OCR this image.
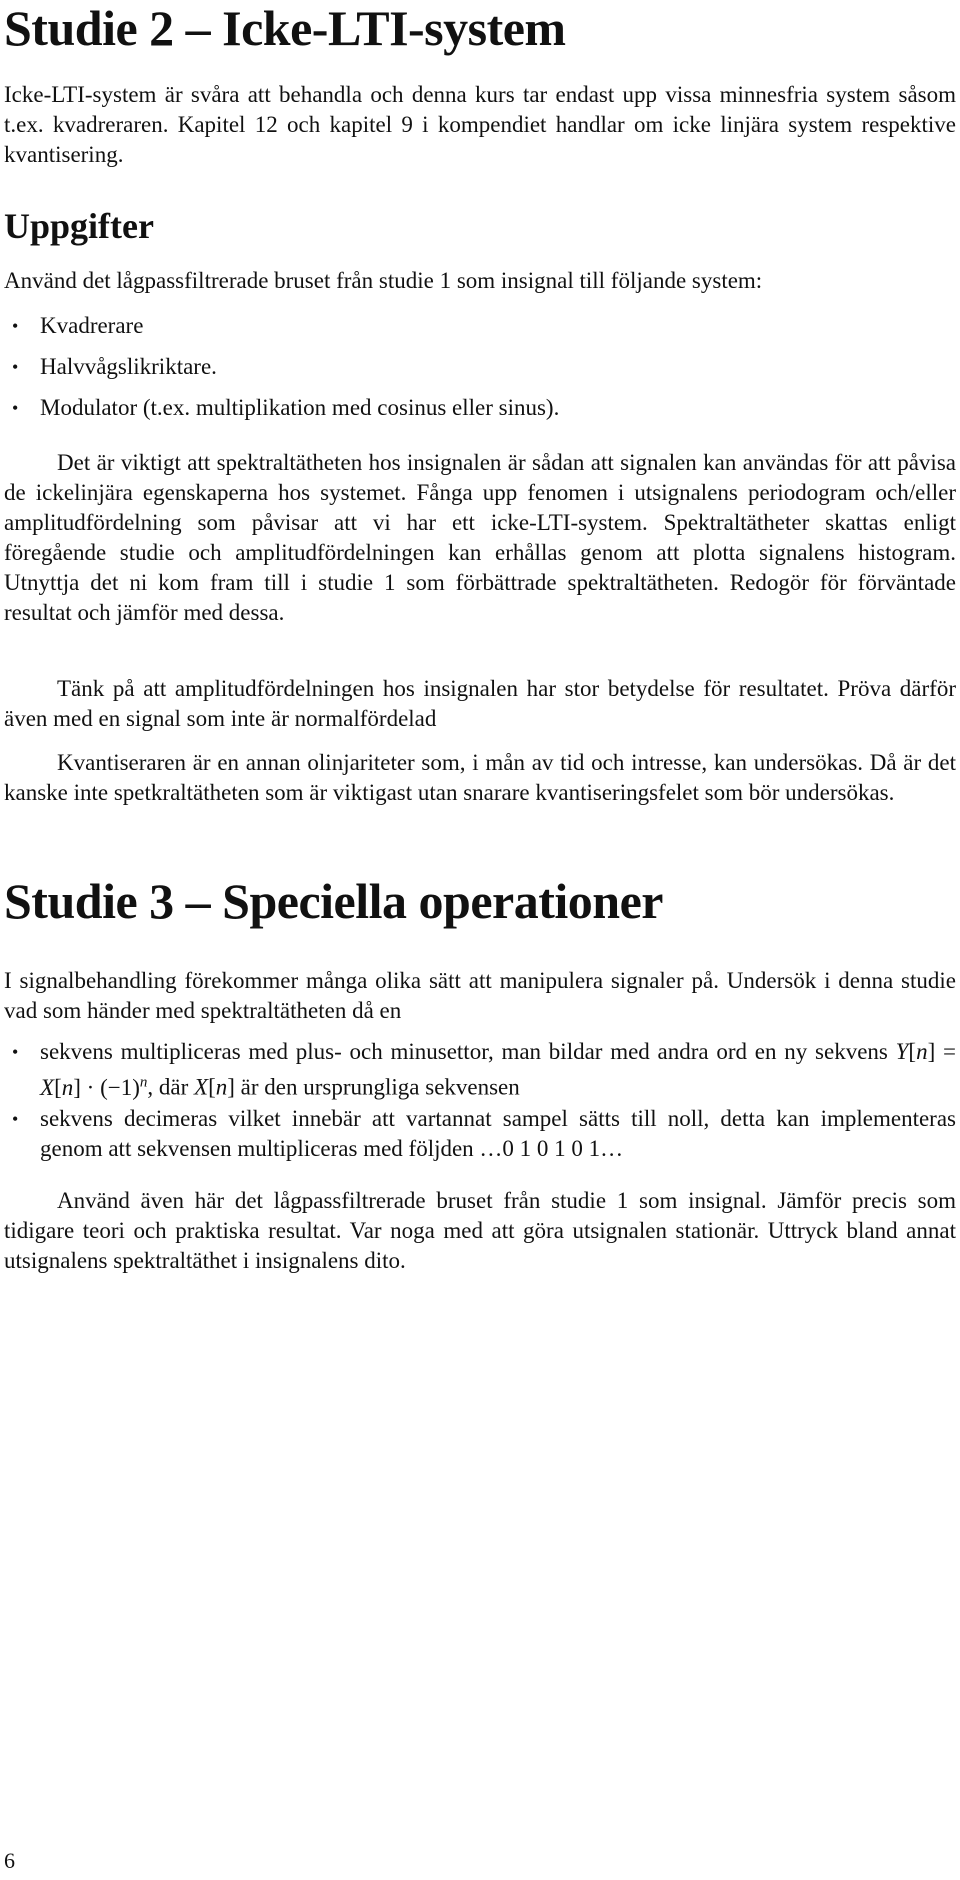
Studie 2 – Icke-LTI-system

Icke-LTI-system är svåra att behandla och denna kurs tar endast upp vissa minnesfria system såsom t.ex. kvadreraren. Kapitel 12 och kapitel 9 i kompendiet handlar om icke linjära system respektive kvantisering.

Uppgifter

Använd det lågpassfiltrerade bruset från studie 1 som insignal till följande system:

• Kvadrerare
• Halvvågslikriktare.
• Modulator (t.ex. multiplikation med cosinus eller sinus).

Det är viktigt att spektraltätheten hos insignalen är sådan att signalen kan användas för att påvisa de ickelinjära egenskaperna hos systemet. Fånga upp fenomen i utsignalens periodogram och/eller amplitudfördelning som påvisar att vi har ett icke-LTI-system. Spektraltätheter skattas enligt föregående studie och amplitudfördelningen kan erhållas genom att plotta signalens histogram. Utnyttja det ni kom fram till i studie 1 som förbättrade spektraltätheten. Redogör för förväntade resultat och jämför med dessa.

Tänk på att amplitudfördelningen hos insignalen har stor betydelse för resultatet. Pröva därför även med en signal som inte är normalfördelad

Kvantiseraren är en annan olinjariteter som, i mån av tid och intresse, kan undersökas. Då är det kanske inte spetkraltätheten som är viktigast utan snarare kvantiseringsfelet som bör undersökas.

Studie 3 – Speciella operationer

I signalbehandling förekommer många olika sätt att manipulera signaler på. Undersök i denna studie vad som händer med spektraltätheten då en

• sekvens multipliceras med plus- och minusettor, man bildar med andra ord en ny sekvens $Y[n] = X[n] \cdot (-1)^n$, där X[n] är den ursprungliga sekvensen
• sekvens decimeras vilket innebär att vartannat sampel sätts till noll, detta kan implementeras genom att sekvensen multipliceras med följden …0 1 0 1 0 1…

Använd även här det lågpassfiltrerade bruset från studie 1 som insignal. Jämför precis som tidigare teori och praktiska resultat. Var noga med att göra utsignalen stationär. Uttryck bland annat utsignalens spektraltäthet i insignalens dito.

6
